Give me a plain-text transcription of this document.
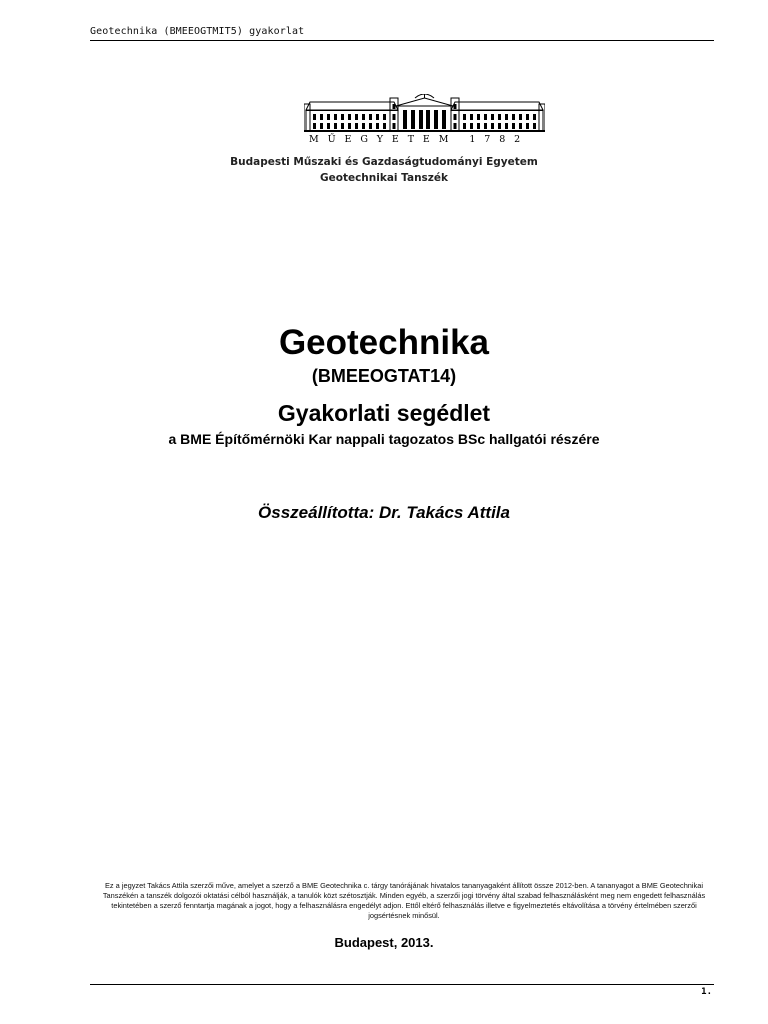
Geotechnika (BMEEOGTMIT5) gyakorlat
MŰEGYETEM 1782
Budapesti Műszaki és Gazdaságtudományi Egyetem
Geotechnikai Tanszék
Geotechnika
(BMEEOGTAT14)
Gyakorlati segédlet
a BME Építőmérnöki Kar nappali tagozatos BSc hallgatói részére
Összeállította: Dr. Takács Attila
Ez a jegyzet Takács Attila szerzői műve, amelyet a szerző a BME Geotechnika c. tárgy tanórájának hivatalos tananyagaként állított össze 2012-ben. A tananyagot a BME Geotechnikai Tanszékén a tanszék dolgozói oktatási célból használják, a tanulók közt szétosztják. Minden egyéb, a szerzői jogi törvény által szabad felhasználásként meg nem engedett felhasználás tekintetében a szerző fenntartja magának a jogot, hogy a felhasználásra engedélyt adjon. Ettől eltérő felhasználás illetve e figyelmeztetés eltávolítása a törvény értelmében szerzői jogsértésnek minősül.
Budapest, 2013.
1.
